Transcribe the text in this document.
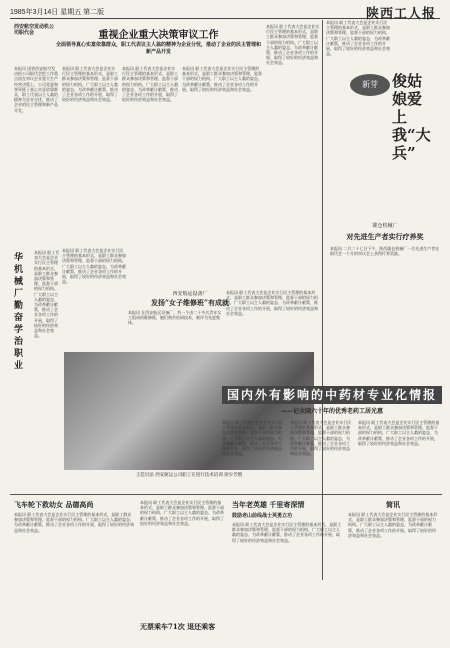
1985年3月14日 星期五 第二版	陕西工人报
西安航空发动机公司职代会	重视企业重大决策审议工作
全面领导真心实意依靠群众，职工代表议主人翁的精神为企业分忧，推动了企业的民主管理和新产品开发
本报讯 国营西安航空发动机公司职代会把工作重点放在审议企业重大生产经营决策上，公司党委和领导班子真心实意依靠群众，职工代表以主人翁的精神为企业分忧，推动了企业的民主管理和新产品开发。
本报讯 职工代表大会是企业实行民主管理的基本形式，是职工群众参加决策和管理、监督干部的权力机构。广大职工以主人翁的姿态，为改革献计献策，推动了企业各项工作的开展，取得了较好的经济效益和社会效益。
本报讯 职工代表大会是企业实行民主管理的基本形式，是职工群众参加决策和管理、监督干部的权力机构。广大职工以主人翁的姿态，为改革献计献策，推动了企业各项工作的开展，取得了较好的经济效益和社会效益。
本报讯 职工代表大会是企业实行民主管理的基本形式，是职工群众参加决策和管理、监督干部的权力机构。广大职工以主人翁的姿态，为改革献计献策，推动了企业各项工作的开展，取得了较好的经济效益和社会效益。
本报讯 职工代表大会是企业实行民主管理的基本形式，是职工群众参加决策和管理、监督干部的权力机构。广大职工以主人翁的姿态，为改革献计献策，推动了企业各项工作的开展，取得了较好的经济效益和社会效益。
新芽 俊姑娘爱上我“大兵”
本报讯 职工代表大会是企业实行民主管理的基本形式，是职工群众参加决策和管理、监督干部的权力机构。广大职工以主人翁的姿态，为改革献计献策，推动了企业各项工作的开展，取得了较好的经济效益和社会效益。
华机械厂勤奋学治职业
本报讯 职工代表大会是企业实行民主管理的基本形式，是职工群众参加决策和管理、监督干部的权力机构。广大职工以主人翁的姿态，为改革献计献策，推动了企业各项工作的开展，取得了较好的经济效益和社会效益。
本报讯 职工代表大会是企业实行民主管理的基本形式，是职工群众参加决策和管理、监督干部的权力机构。广大职工以主人翁的姿态，为改革献计献策，推动了企业各项工作的开展，取得了较好的经济效益和社会效益。
西安航运设备厂
发扬“女子维修班”有成就
本报讯 在西安航运设备厂，有一个由二十多名青年女工组成的维修班，她们刻苦钻研技术，被评为先进集体。
本报讯 职工代表大会是企业实行民主管理的基本形式，是职工群众参加决策和管理、监督干部的权力机构。广大职工以主人翁的姿态，为改革献计献策，推动了企业各项工作的开展，取得了较好的经济效益和社会效益。
王佳贝法 西安航运公司职工在进行技术培训 徐少芳摄
陇仓机械厂
对先进生产者实行疗养奖
本报讯 二月二十七日下午，陕西陇仓机械厂一名先进生产者在职代会一个月的审议会上获得疗养奖励。
国内外有影响的中药材专业化情报
——记全国六十年的优秀老药工居光惠
本报讯 职工代表大会是企业实行民主管理的基本形式，是职工群众参加决策和管理、监督干部的权力机构。广大职工以主人翁的姿态，为改革献计献策，推动了企业各项工作的开展，取得了较好的经济效益和社会效益。
本报讯 职工代表大会是企业实行民主管理的基本形式，是职工群众参加决策和管理、监督干部的权力机构。广大职工以主人翁的姿态，为改革献计献策，推动了企业各项工作的开展，取得了较好的经济效益和社会效益。
本报讯 职工代表大会是企业实行民主管理的基本形式，是职工群众参加决策和管理、监督干部的权力机构。广大职工以主人翁的姿态，为改革献计献策，推动了企业各项工作的开展，取得了较好的经济效益和社会效益。
飞车轮下救幼女 品德高尚
本报讯 职工代表大会是企业实行民主管理的基本形式，是职工群众参加决策和管理、监督干部的权力机构。广大职工以主人翁的姿态，为改革献计献策，推动了企业各项工作的开展，取得了较好的经济效益和社会效益。
本报讯 职工代表大会是企业实行民主管理的基本形式，是职工群众参加决策和管理、监督干部的权力机构。广大职工以主人翁的姿态，为改革献计献策，推动了企业各项工作的开展，取得了较好的经济效益和社会效益。
无票乘车71次 退还乘客
当年老英雄 千里寄深情
鼓励老山前线战士英勇立功
本报讯 职工代表大会是企业实行民主管理的基本形式，是职工群众参加决策和管理、监督干部的权力机构。广大职工以主人翁的姿态，为改革献计献策，推动了企业各项工作的开展，取得了较好的经济效益和社会效益。
简讯
本报讯 职工代表大会是企业实行民主管理的基本形式，是职工群众参加决策和管理、监督干部的权力机构。广大职工以主人翁的姿态，为改革献计献策，推动了企业各项工作的开展，取得了较好的经济效益和社会效益。
